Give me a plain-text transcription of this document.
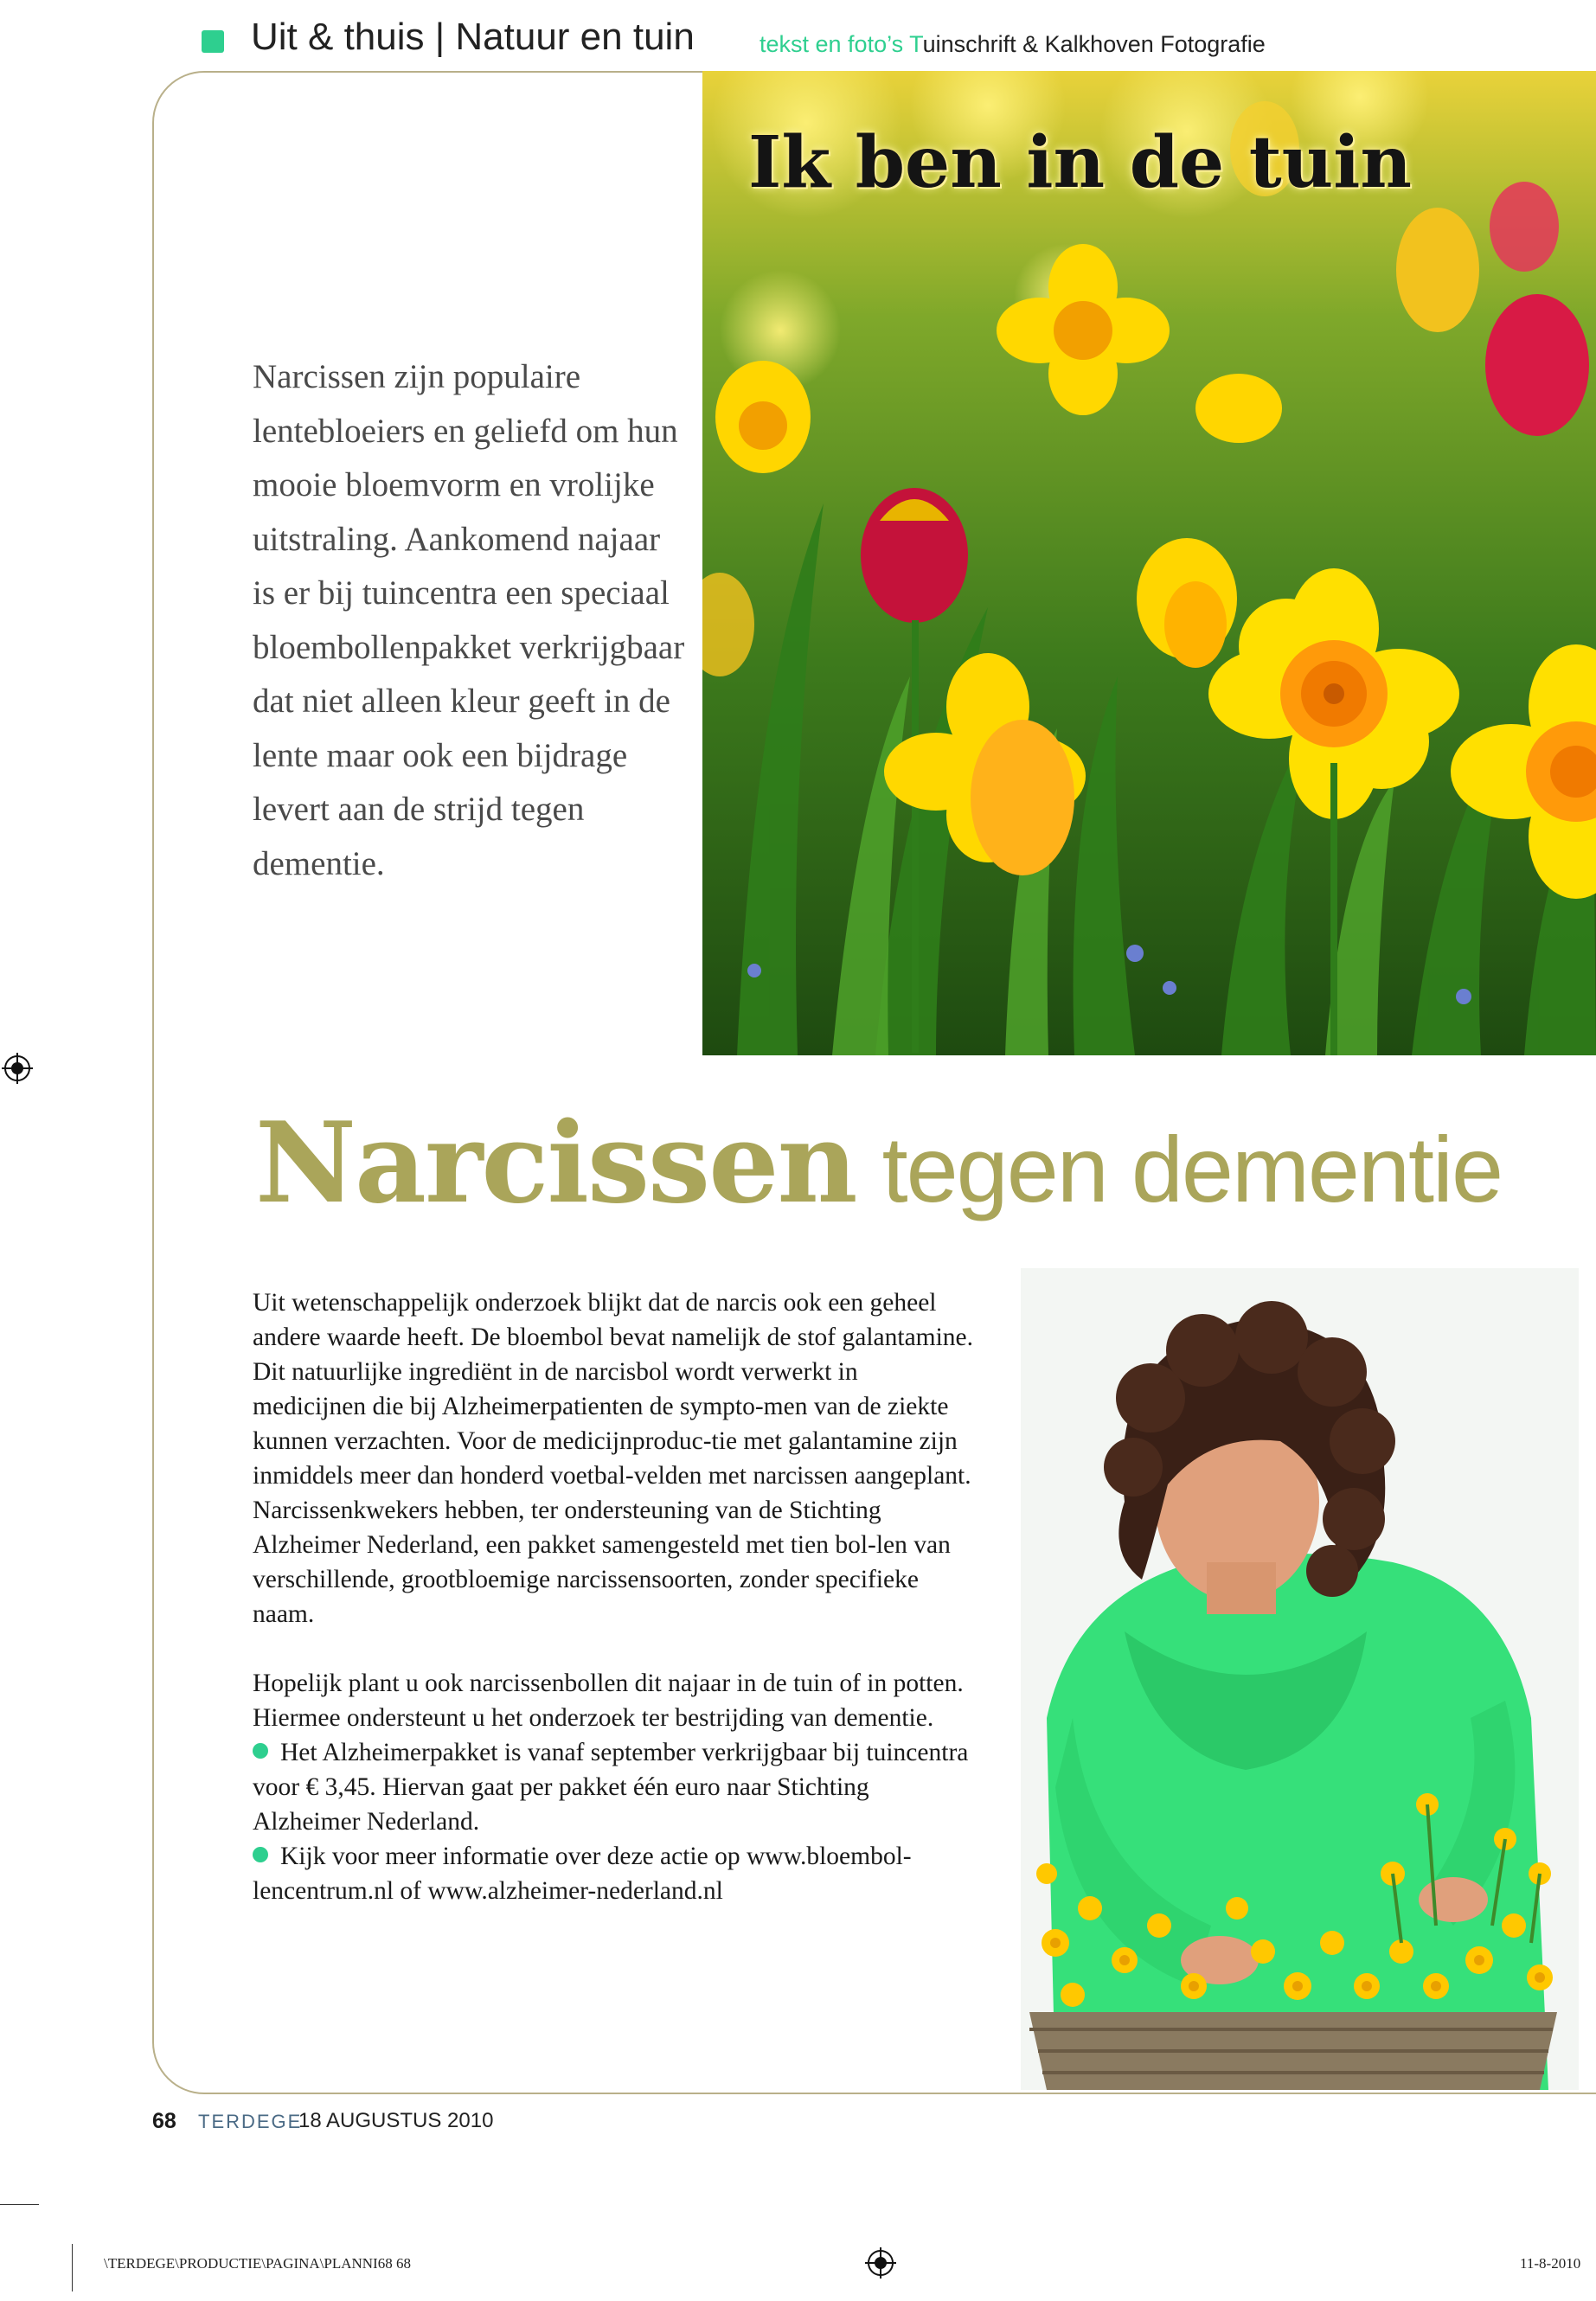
Uit & thuis | Natuur en tuin	tekst en foto’s Tuinschrift & Kalkhoven Fotografie
Ik ben in de tuin
Narcissen zijn populaire lentebloeiers en geliefd om hun mooie bloemvorm en vrolijke uitstraling. Aankomend najaar is er bij tuincentra een speciaal bloembollenpakket verkrijgbaar dat niet alleen kleur geeft in de lente maar ook een bijdrage levert aan de strijd tegen dementie.
Narcissen tegen dementie

Uit wetenschappelijk onderzoek blijkt dat de narcis ook een geheel andere waarde heeft. De bloembol bevat namelijk de stof galantamine. Dit natuurlijke ingrediënt in de narcisbol wordt verwerkt in medicijnen die bij Alzheimerpatienten de sympto-men van de ziekte kunnen verzachten. Voor de medicijnproduc-tie met galantamine zijn inmiddels meer dan honderd voetbal-velden met narcissen aangeplant.

Narcissenkwekers hebben, ter ondersteuning van de Stichting Alzheimer Nederland, een pakket samengesteld met tien bol-len van verschillende, grootbloemige narcissensoorten, zonder specifieke naam.

Hopelijk plant u ook narcissenbollen dit najaar in de tuin of in potten. Hiermee ondersteunt u het onderzoek ter bestrijding van dementie.

Het Alzheimerpakket is vanaf september verkrijgbaar bij tuincentra voor € 3,45. Hiervan gaat per pakket één euro naar Stichting Alzheimer Nederland.

Kijk voor meer informatie over deze actie op www.bloembol-lencentrum.nl of www.alzheimer-nederland.nl

68 TERDEGE
18 AUGUSTUS 2010
\TERDEGE\PRODUCTIE\PAGINA\PLANNI68 68	11-8-2010
